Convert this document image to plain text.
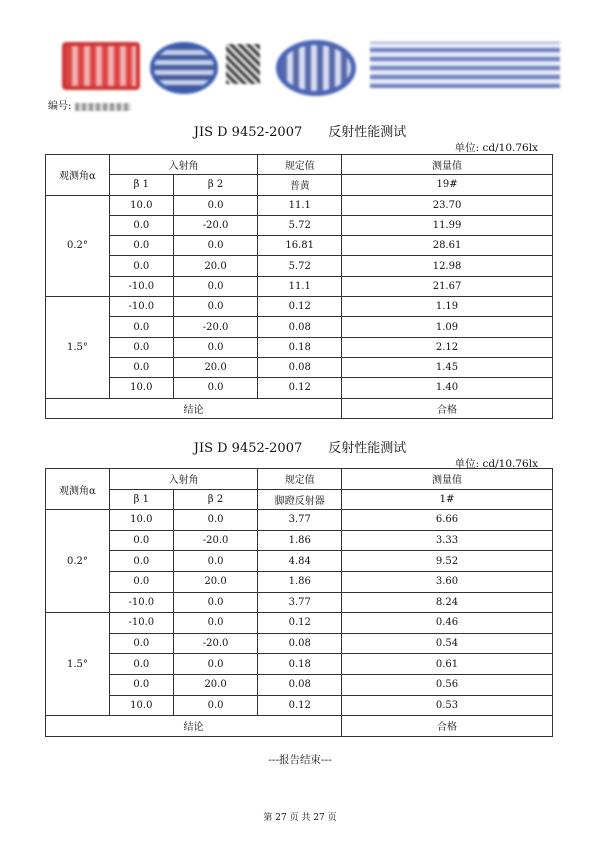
编号:
JIS D 9452-2007 反射性能测试
单位: cd/10.76lx
观测角α	入射角		规定值	测量值
	β 1	β 2	普黄	19#
0.2°	10.0	0.0	11.1	23.70
	0.0	-20.0	5.72	11.99
	0.0	0.0	16.81	28.61
	0.0	20.0	5.72	12.98
	-10.0	0.0	11.1	21.67
1.5°	-10.0	0.0	0.12	1.19
	0.0	-20.0	0.08	1.09
	0.0	0.0	0.18	2.12
	0.0	20.0	0.08	1.45
	10.0	0.0	0.12	1.40
结论				合格
JIS D 9452-2007 反射性能测试
单位: cd/10.76lx
观测角α	入射角		规定值	测量值
	β 1	β 2	脚蹬反射器	1#
0.2°	10.0	0.0	3.77	6.66
	0.0	-20.0	1.86	3.33
	0.0	0.0	4.84	9.52
	0.0	20.0	1.86	3.60
	-10.0	0.0	3.77	8.24
1.5°	-10.0	0.0	0.12	0.46
	0.0	-20.0	0.08	0.54
	0.0	0.0	0.18	0.61
	0.0	20.0	0.08	0.56
	10.0	0.0	0.12	0.53
结论				合格
---报告结束---
第 27 页 共 27 页
